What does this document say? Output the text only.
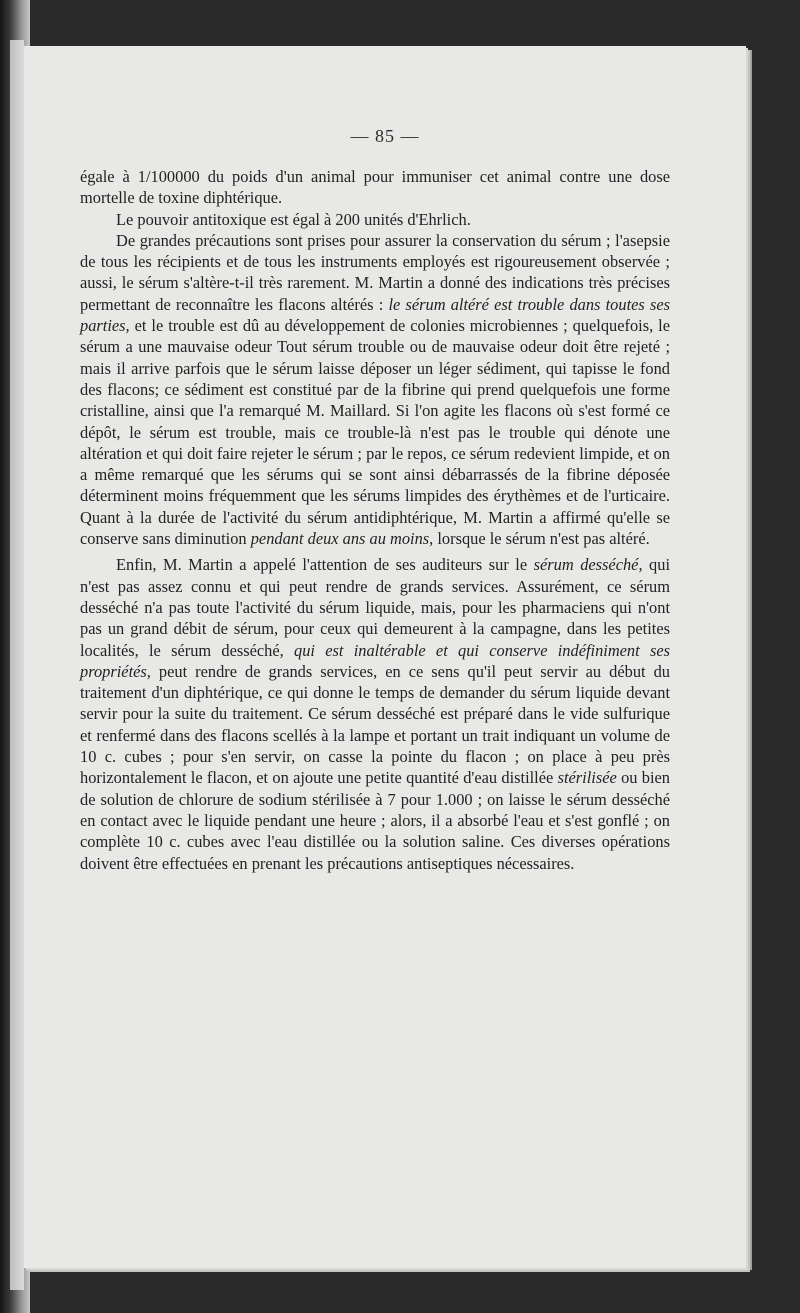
— 85 —

égale à 1/100000 du poids d'un animal pour immuniser cet animal contre une dose mortelle de toxine diphtérique.

Le pouvoir antitoxique est égal à 200 unités d'Ehrlich.

De grandes précautions sont prises pour assurer la conservation du sérum ; l'asepsie de tous les récipients et de tous les instruments employés est rigoureusement observée ; aussi, le sérum s'altère-t-il très rarement. M. Martin a donné des indications très précises permettant de reconnaître les flacons altérés : le sérum altéré est trouble dans toutes ses parties, et le trouble est dû au développement de colonies microbiennes ; quelquefois, le sérum a une mauvaise odeur Tout sérum trouble ou de mauvaise odeur doit être rejeté ; mais il arrive parfois que le sérum laisse déposer un léger sédiment, qui tapisse le fond des flacons; ce sédiment est constitué par de la fibrine qui prend quelquefois une forme cristalline, ainsi que l'a remarqué M. Maillard. Si l'on agite les flacons où s'est formé ce dépôt, le sérum est trouble, mais ce trouble-là n'est pas le trouble qui dénote une altération et qui doit faire rejeter le sérum ; par le repos, ce sérum redevient limpide, et on a même remarqué que les sérums qui se sont ainsi débarrassés de la fibrine déposée déterminent moins fréquemment que les sérums limpides des érythèmes et de l'urticaire. Quant à la durée de l'activité du sérum antidiphtérique, M. Martin a affirmé qu'elle se conserve sans diminution pendant deux ans au moins, lorsque le sérum n'est pas altéré.

Enfin, M. Martin a appelé l'attention de ses auditeurs sur le sérum desséché, qui n'est pas assez connu et qui peut rendre de grands services. Assurément, ce sérum desséché n'a pas toute l'activité du sérum liquide, mais, pour les pharmaciens qui n'ont pas un grand débit de sérum, pour ceux qui demeurent à la campagne, dans les petites localités, le sérum desséché, qui est inaltérable et qui conserve indéfiniment ses propriétés, peut rendre de grands services, en ce sens qu'il peut servir au début du traitement d'un diphtérique, ce qui donne le temps de demander du sérum liquide devant servir pour la suite du traitement. Ce sérum desséché est préparé dans le vide sulfurique et renfermé dans des flacons scellés à la lampe et portant un trait indiquant un volume de 10 c. cubes ; pour s'en servir, on casse la pointe du flacon ; on place à peu près horizontalement le flacon, et on ajoute une petite quantité d'eau distillée stérilisée ou bien de solution de chlorure de sodium stérilisée à 7 pour 1.000 ; on laisse le sérum desséché en contact avec le liquide pendant une heure ; alors, il a absorbé l'eau et s'est gonflé ; on complète 10 c. cubes avec l'eau distillée ou la solution saline. Ces diverses opérations doivent être effectuées en prenant les précautions antiseptiques nécessaires.
